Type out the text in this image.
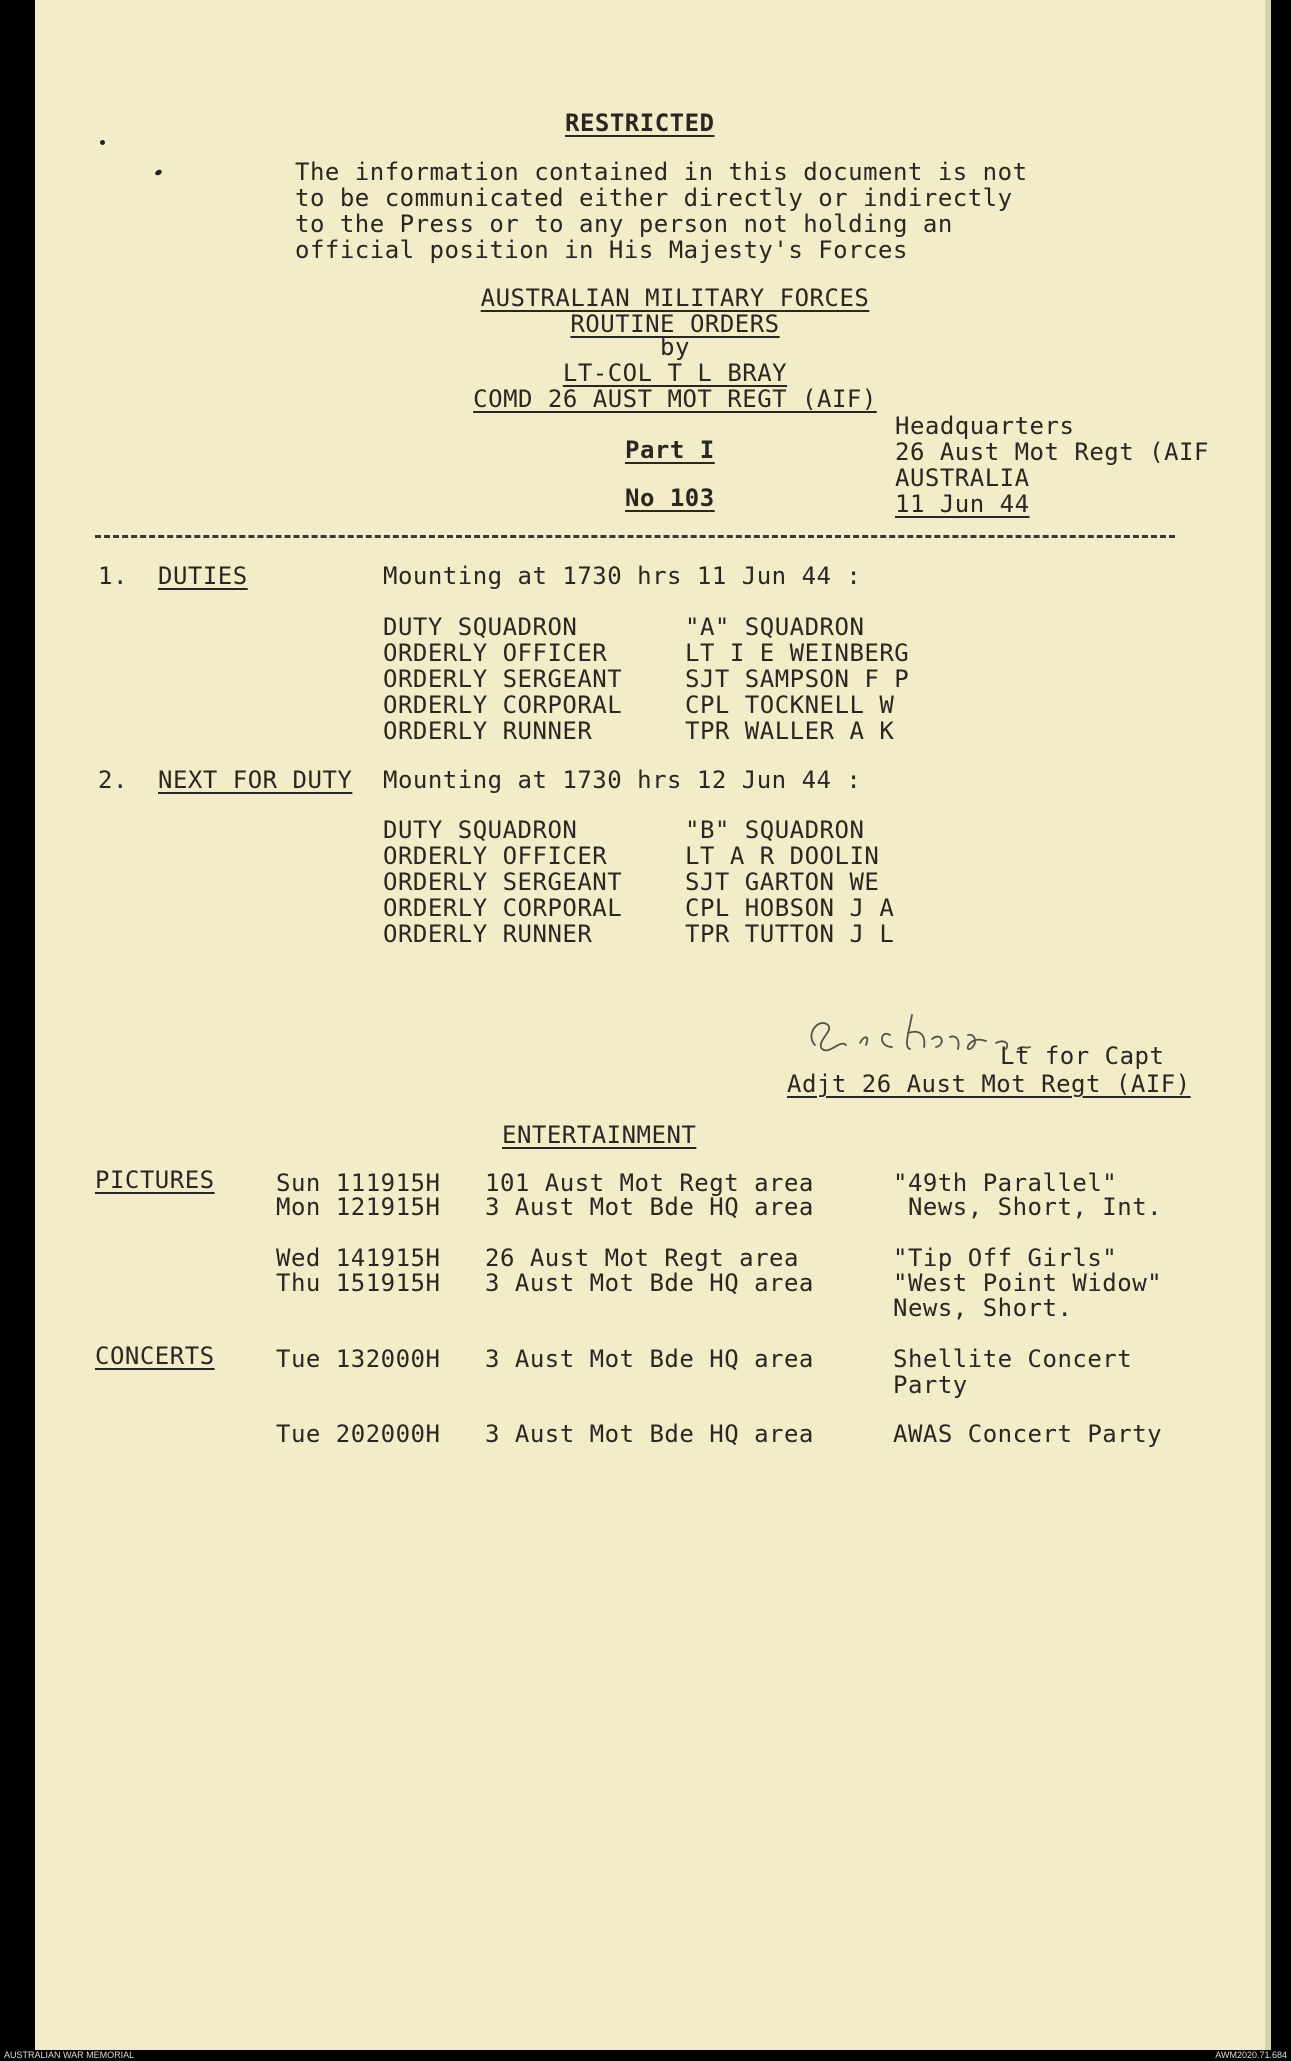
RESTRICTED
The information contained in this document is not
to be communicated either directly or indirectly
to the Press or to any person not holding an
official position in His Majesty's Forces
AUSTRALIAN MILITARY FORCES
ROUTINE ORDERS
by
LT-COL T L BRAY
COMD 26 AUST MOT REGT (AIF)
Part I
No 103
Headquarters
26 Aust Mot Regt (AIF
AUSTRALIA
11 Jun 44
1. DUTIES	Mounting at 1730 hrs 11 Jun 44 :
DUTY SQUADRON	"A" SQUADRON
ORDERLY OFFICER	LT I E WEINBERG
ORDERLY SERGEANT	SJT SAMPSON F P
ORDERLY CORPORAL	CPL TOCKNELL W
ORDERLY RUNNER	TPR WALLER A K
2. NEXT FOR DUTY Mounting at 1730 hrs 12 Jun 44 :
DUTY SQUADRON	"B" SQUADRON
ORDERLY OFFICER	LT A R DOOLIN
ORDERLY SERGEANT	SJT GARTON WE
ORDERLY CORPORAL	CPL HOBSON J A
ORDERLY RUNNER	TPR TUTTON J L
Lt for Capt
Adjt 26 Aust Mot Regt (AIF)
ENTERTAINMENT
PICTURES	Sun 111915H 101 Aust Mot Regt area	"49th Parallel"
Mon 121915H 3 Aust Mot Bde HQ area	News, Short, Int.
Wed 141915H 26 Aust Mot Regt area	"Tip Off Girls"
Thu 151915H 3 Aust Mot Bde HQ area	"West Point Widow"
News, Short.
CONCERTS	Tue 132000H 3 Aust Mot Bde HQ area	Shellite Concert
Party
Tue 202000H 3 Aust Mot Bde HQ area	AWAS Concert Party
AUSTRALIAN WAR MEMORIAL	AWM2020.71.684
